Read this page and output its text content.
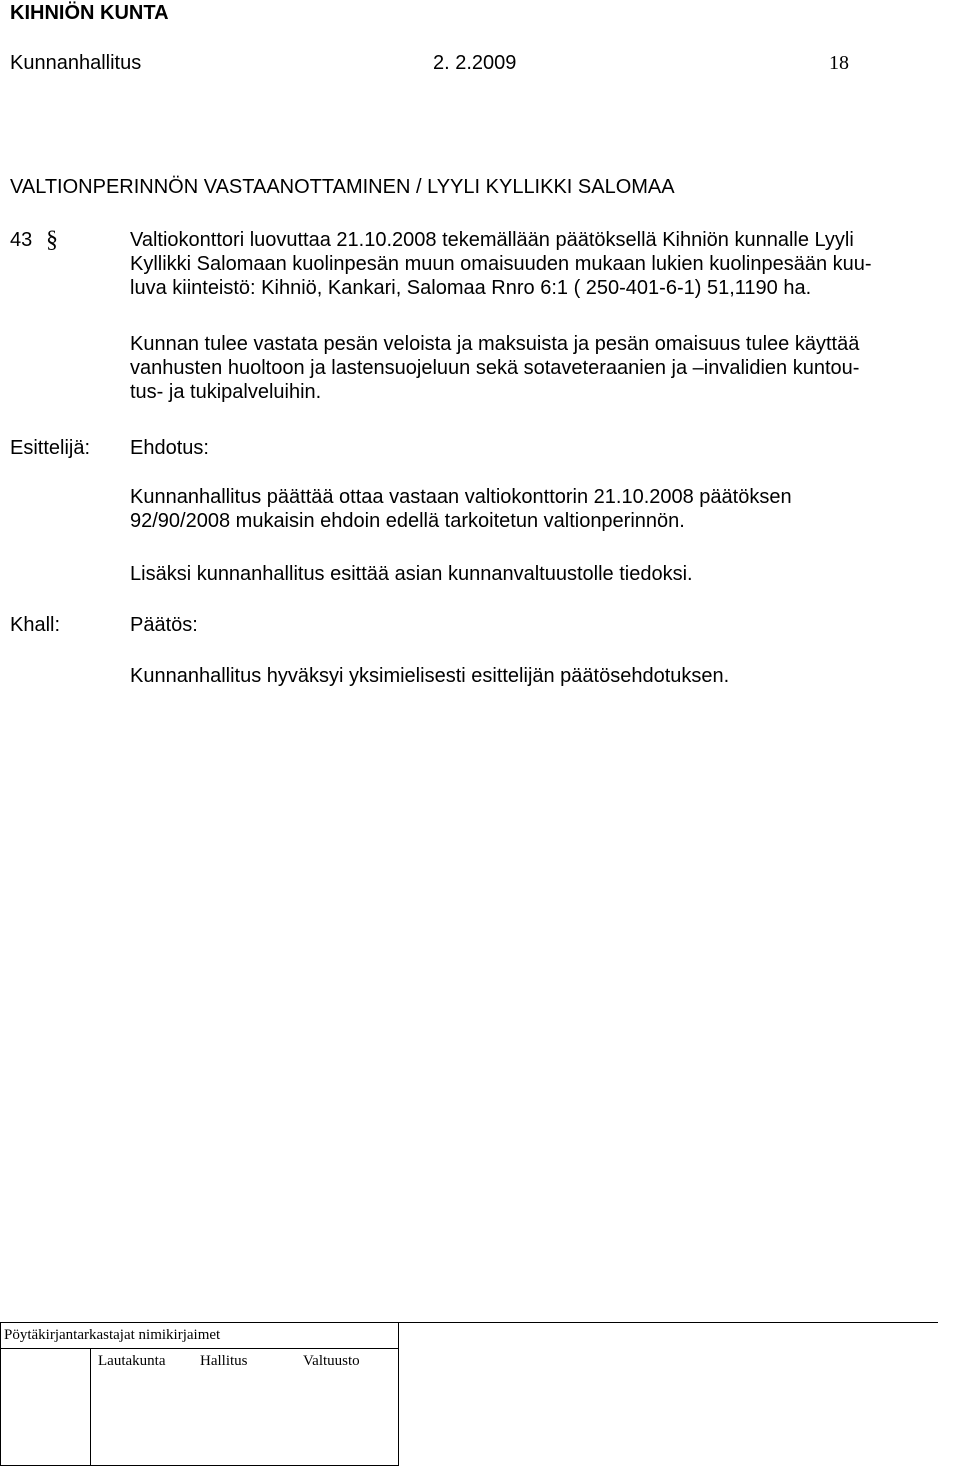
KIHNIÖN KUNTA
Kunnanhallitus	2. 2.2009	18
VALTIONPERINNÖN VASTAANOTTAMINEN / LYYLI KYLLIKKI SALOMAA
43 §	Valtiokonttori luovuttaa 21.10.2008 tekemällään päätöksellä Kihniön kunnalle Lyyli
Kyllikki Salomaan kuolinpesän muun omaisuuden mukaan lukien kuolinpesään kuu-
luva kiinteistö: Kihniö, Kankari, Salomaa Rnro 6:1 ( 250-401-6-1) 51,1190 ha.
Kunnan tulee vastata pesän veloista ja maksuista ja pesän omaisuus tulee käyttää
vanhusten huoltoon ja lastensuojeluun sekä sotaveteraanien ja –invalidien kuntou-
tus- ja tukipalveluihin.
Esittelijä: Ehdotus:
Kunnanhallitus päättää ottaa vastaan valtiokonttorin 21.10.2008 päätöksen
92/90/2008 mukaisin ehdoin edellä tarkoitetun valtionperinnön.
Lisäksi kunnanhallitus esittää asian kunnanvaltuustolle tiedoksi.
Khall:	Päätös:
Kunnanhallitus hyväksyi yksimielisesti esittelijän päätösehdotuksen.
Pöytäkirjantarkastajat nimikirjaimet
Lautakunta Hallitus	Valtuusto
